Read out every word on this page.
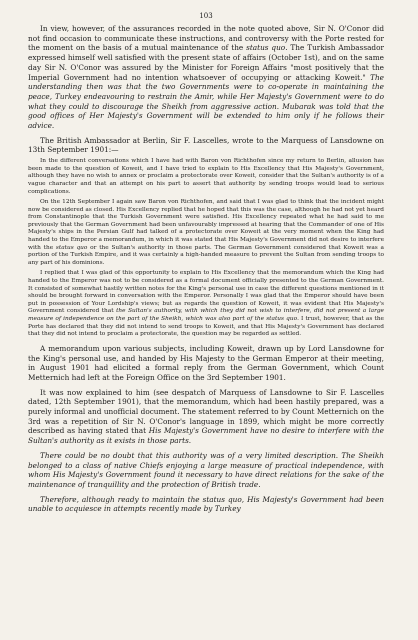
103

In view, however, of the assurances recorded in the note quoted above, Sir N. O'Conor did not find occasion to communicate these instructions, and controversy with the Porte rested for the moment on the basis of a mutual maintenance of the status quo. The Turkish Ambassador expressed himself well satisfied with the present state of affairs (October 1st), and on the same day Sir N. O'Conor was assured by the Minister for Foreign Affairs "most positively that the Imperial Government had no intention whatsoever of occupying or attacking Koweit." The understanding then was that the two Governments were to co-operate in maintaining the peace, Turkey endeavouring to restrain the Amir, while Her Majesty's Government were to do what they could to discourage the Sheikh from aggressive action. Mubarak was told that the good offices of Her Majesty's Government will be extended to him only if he follows their advice.

The British Ambassador at Berlin, Sir F. Lascelles, wrote to the Marquess of Lansdowne on 13th September 1901:—

In the different conversations which I have had with Baron von Richthofen since my return to Berlin, allusion has been made to the question of Koweit, and I have tried to explain to His Excellency that His Majesty's Government, although they have no wish to annex or proclaim a protectorate over Koweit, consider that the Sultan's authority is of a vague character and that an attempt on his part to assert that authority by sending troops would lead to serious complications.

On the 12th September I again saw Baron von Richthofen, and said that I was glad to think that the incident might now be considered as closed. His Excellency replied that he hoped that this was the case, although he had not yet heard from Constantinople that the Turkish Government were satisfied. His Excellency repeated what he had said to me previously that the German Government had been unfavourably impressed at hearing that the Commander of one of His Majesty's ships in the Persian Gulf had talked of a protectorate over Koweit at the very moment when the King had handed to the Emperor a memorandum, in which it was stated that His Majesty's Government did not desire to interfere with the status quo or the Sultan's authority in those parts. The German Government considered that Koweit was a portion of the Turkish Empire, and it was certainly a high-handed measure to prevent the Sultan from sending troops to any part of his dominions.

I replied that I was glad of this opportunity to explain to His Excellency that the memorandum which the King had handed to the Emperor was not to be considered as a formal document officially presented to the German Government. It consisted of somewhat hastily written notes for the King's personal use in case the different questions mentioned in it should be brought forward in conversation with the Emperor. Personally I was glad that the Emperor should have been put in possession of Your Lordship's views; but as regards the question of Koweit, it was evident that His Majesty's Government considered that the Sultan's authority, with which they did not wish to interfere, did not present a large measure of independence on the part of the Sheikh, which was also part of the status quo. I trust, however, that as the Porte has declared that they did not intend to send troops to Koweit, and that His Majesty's Government has declared that they did not intend to proclaim a protectorate, the question may be regarded as settled.

A memorandum upon various subjects, including Koweit, drawn up by Lord Lansdowne for the King's personal use, and handed by His Majesty to the German Emperor at their meeting, in August 1901 had elicited a formal reply from the German Government, which Count Metternich had left at the Foreign Office on the 3rd September 1901.

It was now explained to him (see despatch of Marquess of Lansdowne to Sir F. Lascelles dated, 12th September 1901), that the memorandum, which had been hastily prepared, was a purely informal and unofficial document. The statement referred to by Count Metternich on the 3rd was a repetition of Sir N. O'Conor's language in 1899, which might be more correctly described as having stated that His Majesty's Government have no desire to interfere with the Sultan's authority as it exists in those parts.

There could be no doubt that this authority was of a very limited description. The Sheikh belonged to a class of native Chiefs enjoying a large measure of practical independence, with whom His Majesty's Government found it necessary to have direct relations for the sake of the maintenance of tranquillity and the protection of British trade.

Therefore, although ready to maintain the status quo, His Majesty's Government had been unable to acquiesce in attempts recently made by Turkey
